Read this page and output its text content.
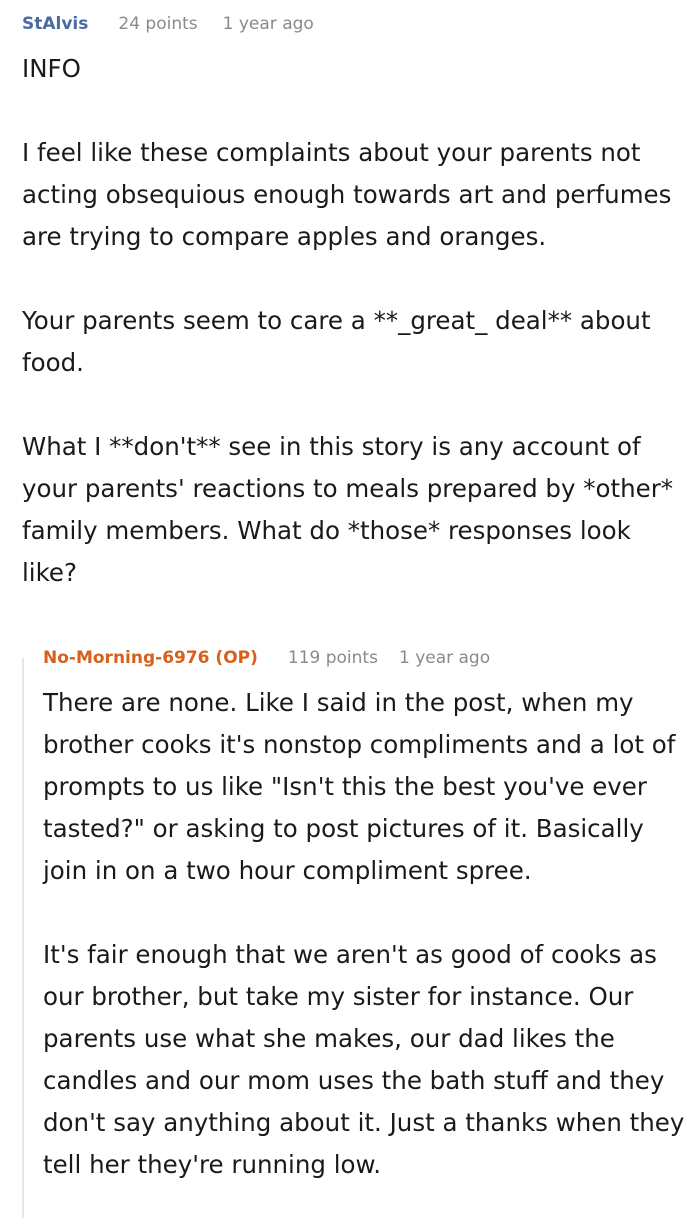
StAlvis 24 points 1 year ago

INFO

I feel like these complaints about your parents not acting obsequious enough towards art and perfumes are trying to compare apples and oranges.

Your parents seem to care a **_great_ deal** about food.

What I **don't** see in this story is any account of your parents' reactions to meals prepared by *other* family members. What do *those* responses look like?

No-Morning-6976 (OP) 119 points 1 year ago

There are none. Like I said in the post, when my brother cooks it's nonstop compliments and a lot of prompts to us like "Isn't this the best you've ever tasted?" or asking to post pictures of it. Basically join in on a two hour compliment spree.

It's fair enough that we aren't as good of cooks as our brother, but take my sister for instance. Our parents use what she makes, our dad likes the candles and our mom uses the bath stuff and they don't say anything about it. Just a thanks when they tell her they're running low.
